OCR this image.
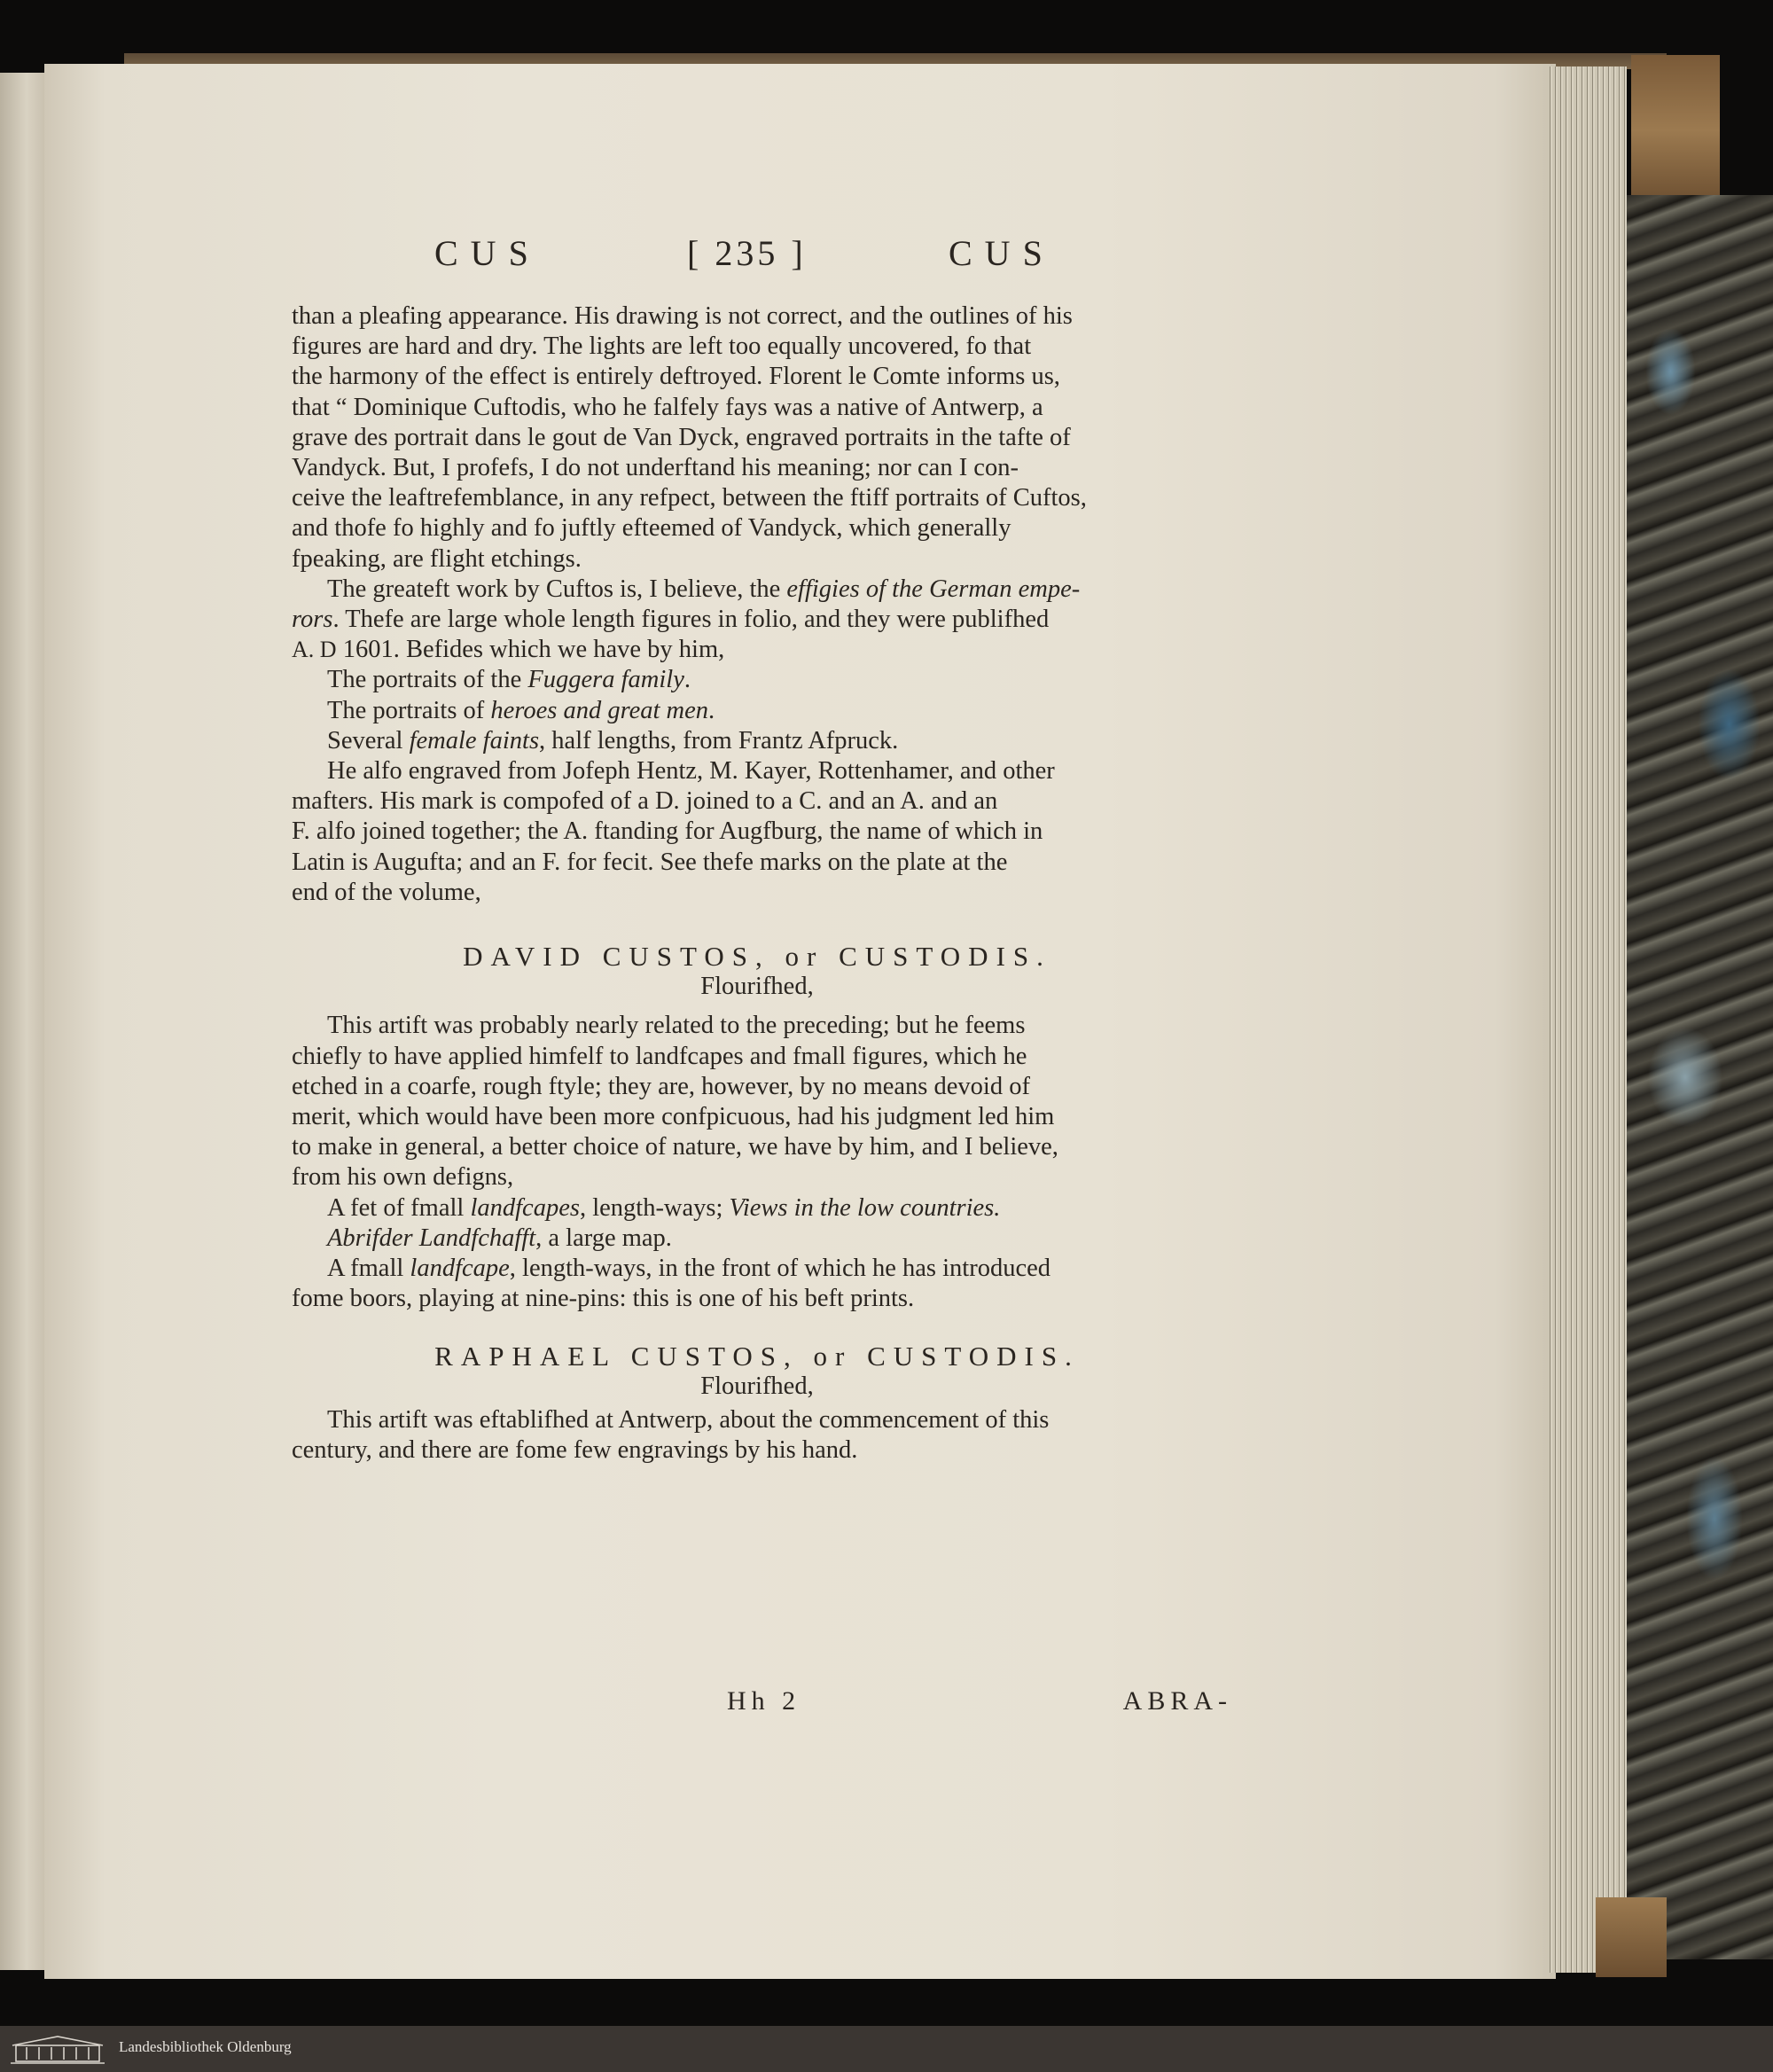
CUS	[ 235 ]	CUS
than a pleafing appearance. His drawing is not correct, and the outlines of his
figures are hard and dry. The lights are left too equally uncovered, fo that
the harmony of the effect is entirely deftroyed. Florent le Comte informs us,
that “ Dominique Cuftodis, who he falfely fays was a native of Antwerp, a
grave des portrait dans le gout de Van Dyck, engraved portraits in the tafte of
Vandyck. But, I profefs, I do not underftand his meaning; nor can I con-
ceive the leaftrefemblance, in any refpect, between the ftiff portraits of Cuftos,
and thofe fo highly and fo juftly efteemed of Vandyck, which generally
fpeaking, are flight etchings.
The greateft work by Cuftos is, I believe, the effigies of the German empe-
rors. Thefe are large whole length figures in folio, and they were publifhed
A. D 1601. Befides which we have by him,
The portraits of the Fuggera family.
The portraits of heroes and great men.
Several female faints, half lengths, from Frantz Afpruck.
He alfo engraved from Jofeph Hentz, M. Kayer, Rottenhamer, and other
mafters. His mark is compofed of a D. joined to a C. and an A. and an
F. alfo joined together; the A. ftanding for Augfburg, the name of which in
Latin is Augufta; and an F. for fecit. See thefe marks on the plate at the
end of the volume,
DAVID CUSTOS, or CUSTODIS.
Flourifhed,
This artift was probably nearly related to the preceding; but he feems
chiefly to have applied himfelf to landfcapes and fmall figures, which he
etched in a coarfe, rough ftyle; they are, however, by no means devoid of
merit, which would have been more confpicuous, had his judgment led him
to make in general, a better choice of nature, we have by him, and I believe,
from his own defigns,
A fet of fmall landfcapes, length-ways; Views in the low countries.
Abrifder Landfchafft, a large map.
A fmall landfcape, length-ways, in the front of which he has introduced
fome boors, playing at nine-pins: this is one of his beft prints.
RAPHAEL CUSTOS, or CUSTODIS.
Flourifhed,
This artift was eftablifhed at Antwerp, about the commencement of this
century, and there are fome few engravings by his hand.
Hh 2	ABRA-
Landesbibliothek Oldenburg
